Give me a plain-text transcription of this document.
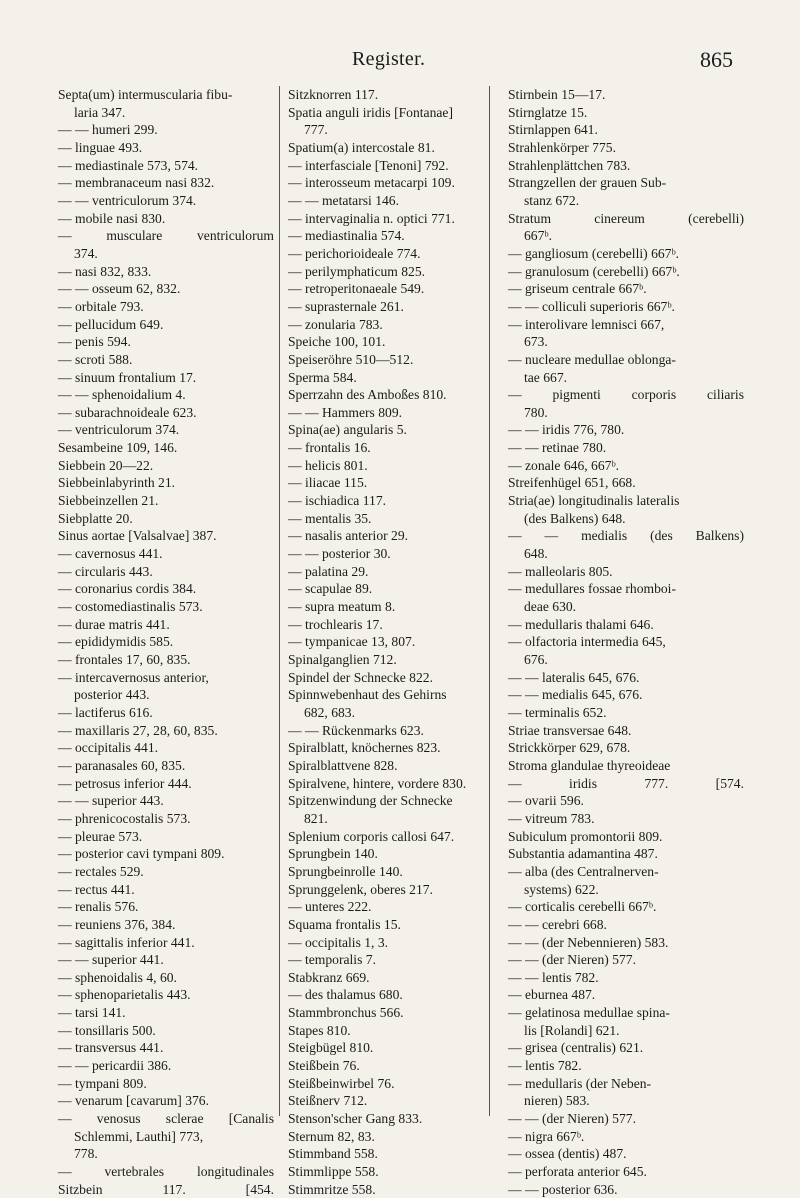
Register.	865
Septa(um) intermuscularia fibu-
laria 347.
— — humeri 299.
— linguae 493.
— mediastinale 573, 574.
— membranaceum nasi 832.
— — ventriculorum 374.
— mobile nasi 830.
— musculare ventriculorum
374.
— nasi 832, 833.
— — osseum 62, 832.
— orbitale 793.
— pellucidum 649.
— penis 594.
— scroti 588.
— sinuum frontalium 17.
— — sphenoidalium 4.
— subarachnoideale 623.
— ventriculorum 374.
Sesambeine 109, 146.
Siebbein 20—22.
Siebbeinlabyrinth 21.
Siebbeinzellen 21.
Siebplatte 20.
Sinus aortae [Valsalvae] 387.
— cavernosus 441.
— circularis 443.
— coronarius cordis 384.
— costomediastinalis 573.
— durae matris 441.
— epididymidis 585.
— frontales 17, 60, 835.
— intercavernosus anterior,
posterior 443.
— lactiferus 616.
— maxillaris 27, 28, 60, 835.
— occipitalis 441.
— paranasales 60, 835.
— petrosus inferior 444.
— — superior 443.
— phrenicocostalis 573.
— pleurae 573.
— posterior cavi tympani 809.
— rectales 529.
— rectus 441.
— renalis 576.
— reuniens 376, 384.
— sagittalis inferior 441.
— — superior 441.
— sphenoidalis 4, 60.
— sphenoparietalis 443.
— tarsi 141.
— tonsillaris 500.
— transversus 441.
— — pericardii 386.
— tympani 809.
— venarum [cavarum] 376.
— venosus sclerae [Canalis
Schlemmi, Lauthi] 773,
778.
— vertebrales longitudinales
Sitzbein 117. [454.
Sitzknorren 117.
Spatia anguli iridis [Fontanae]
777.
Spatium(a) intercostale 81.
— interfasciale [Tenoni] 792.
— interosseum metacarpi 109.
— — metatarsi 146.
— intervaginalia n. optici 771.
— mediastinalia 574.
— perichorioideale 774.
— perilymphaticum 825.
— retroperitonaeale 549.
— suprasternale 261.
— zonularia 783.
Speiche 100, 101.
Speiseröhre 510—512.
Sperma 584.
Sperrzahn des Amboßes 810.
— — Hammers 809.
Spina(ae) angularis 5.
— frontalis 16.
— helicis 801.
— iliacae 115.
— ischiadica 117.
— mentalis 35.
— nasalis anterior 29.
— — posterior 30.
— palatina 29.
— scapulae 89.
— supra meatum 8.
— trochlearis 17.
— tympanicae 13, 807.
Spinalganglien 712.
Spindel der Schnecke 822.
Spinnwebenhaut des Gehirns
682, 683.
— — Rückenmarks 623.
Spiralblatt, knöchernes 823.
Spiralblattvene 828.
Spiralvene, hintere, vordere 830.
Spitzenwindung der Schnecke
821.
Splenium corporis callosi 647.
Sprungbein 140.
Sprungbeinrolle 140.
Sprunggelenk, oberes 217.
— unteres 222.
Squama frontalis 15.
— occipitalis 1, 3.
— temporalis 7.
Stabkranz 669.
— des thalamus 680.
Stammbronchus 566.
Stapes 810.
Steigbügel 810.
Steißbein 76.
Steißbeinwirbel 76.
Steißnerv 712.
Stenson'scher Gang 833.
Sternum 82, 83.
Stimmband 558.
Stimmlippe 558.
Stimmritze 558.
Stirnbein 15—17.
Stirnglatze 15.
Stirnlappen 641.
Strahlenkörper 775.
Strahlenplättchen 783.
Strangzellen der grauen Sub-
stanz 672.
Stratum cinereum (cerebelli)
667ᵇ.
— gangliosum (cerebelli) 667ᵇ.
— granulosum (cerebelli) 667ᵇ.
— griseum centrale 667ᵇ.
— — colliculi superioris 667ᵇ.
— interolivare lemnisci 667,
673.
— nucleare medullae oblonga-
tae 667.
— pigmenti corporis ciliaris
780.
— — iridis 776, 780.
— — retinae 780.
— zonale 646, 667ᵇ.
Streifenhügel 651, 668.
Stria(ae) longitudinalis lateralis
(des Balkens) 648.
— — medialis (des Balkens)
648.
— malleolaris 805.
— medullares fossae rhomboi-
deae 630.
— medullaris thalami 646.
— olfactoria intermedia 645,
676.
— — lateralis 645, 676.
— — medialis 645, 676.
— terminalis 652.
Striae transversae 648.
Strickkörper 629, 678.
Stroma glandulae thyreoideae
— iridis 777. [574.
— ovarii 596.
— vitreum 783.
Subiculum promontorii 809.
Substantia adamantina 487.
— alba (des Centralnerven-
systems) 622.
— corticalis cerebelli 667ᵇ.
— — cerebri 668.
— — (der Nebennieren) 583.
— — (der Nieren) 577.
— — lentis 782.
— eburnea 487.
— gelatinosa medullae spina-
lis [Rolandi] 621.
— grisea (centralis) 621.
— lentis 782.
— medullaris (der Neben-
nieren) 583.
— — (der Nieren) 577.
— nigra 667ᵇ.
— ossea (dentis) 487.
— perforata anterior 645.
— — posterior 636.
